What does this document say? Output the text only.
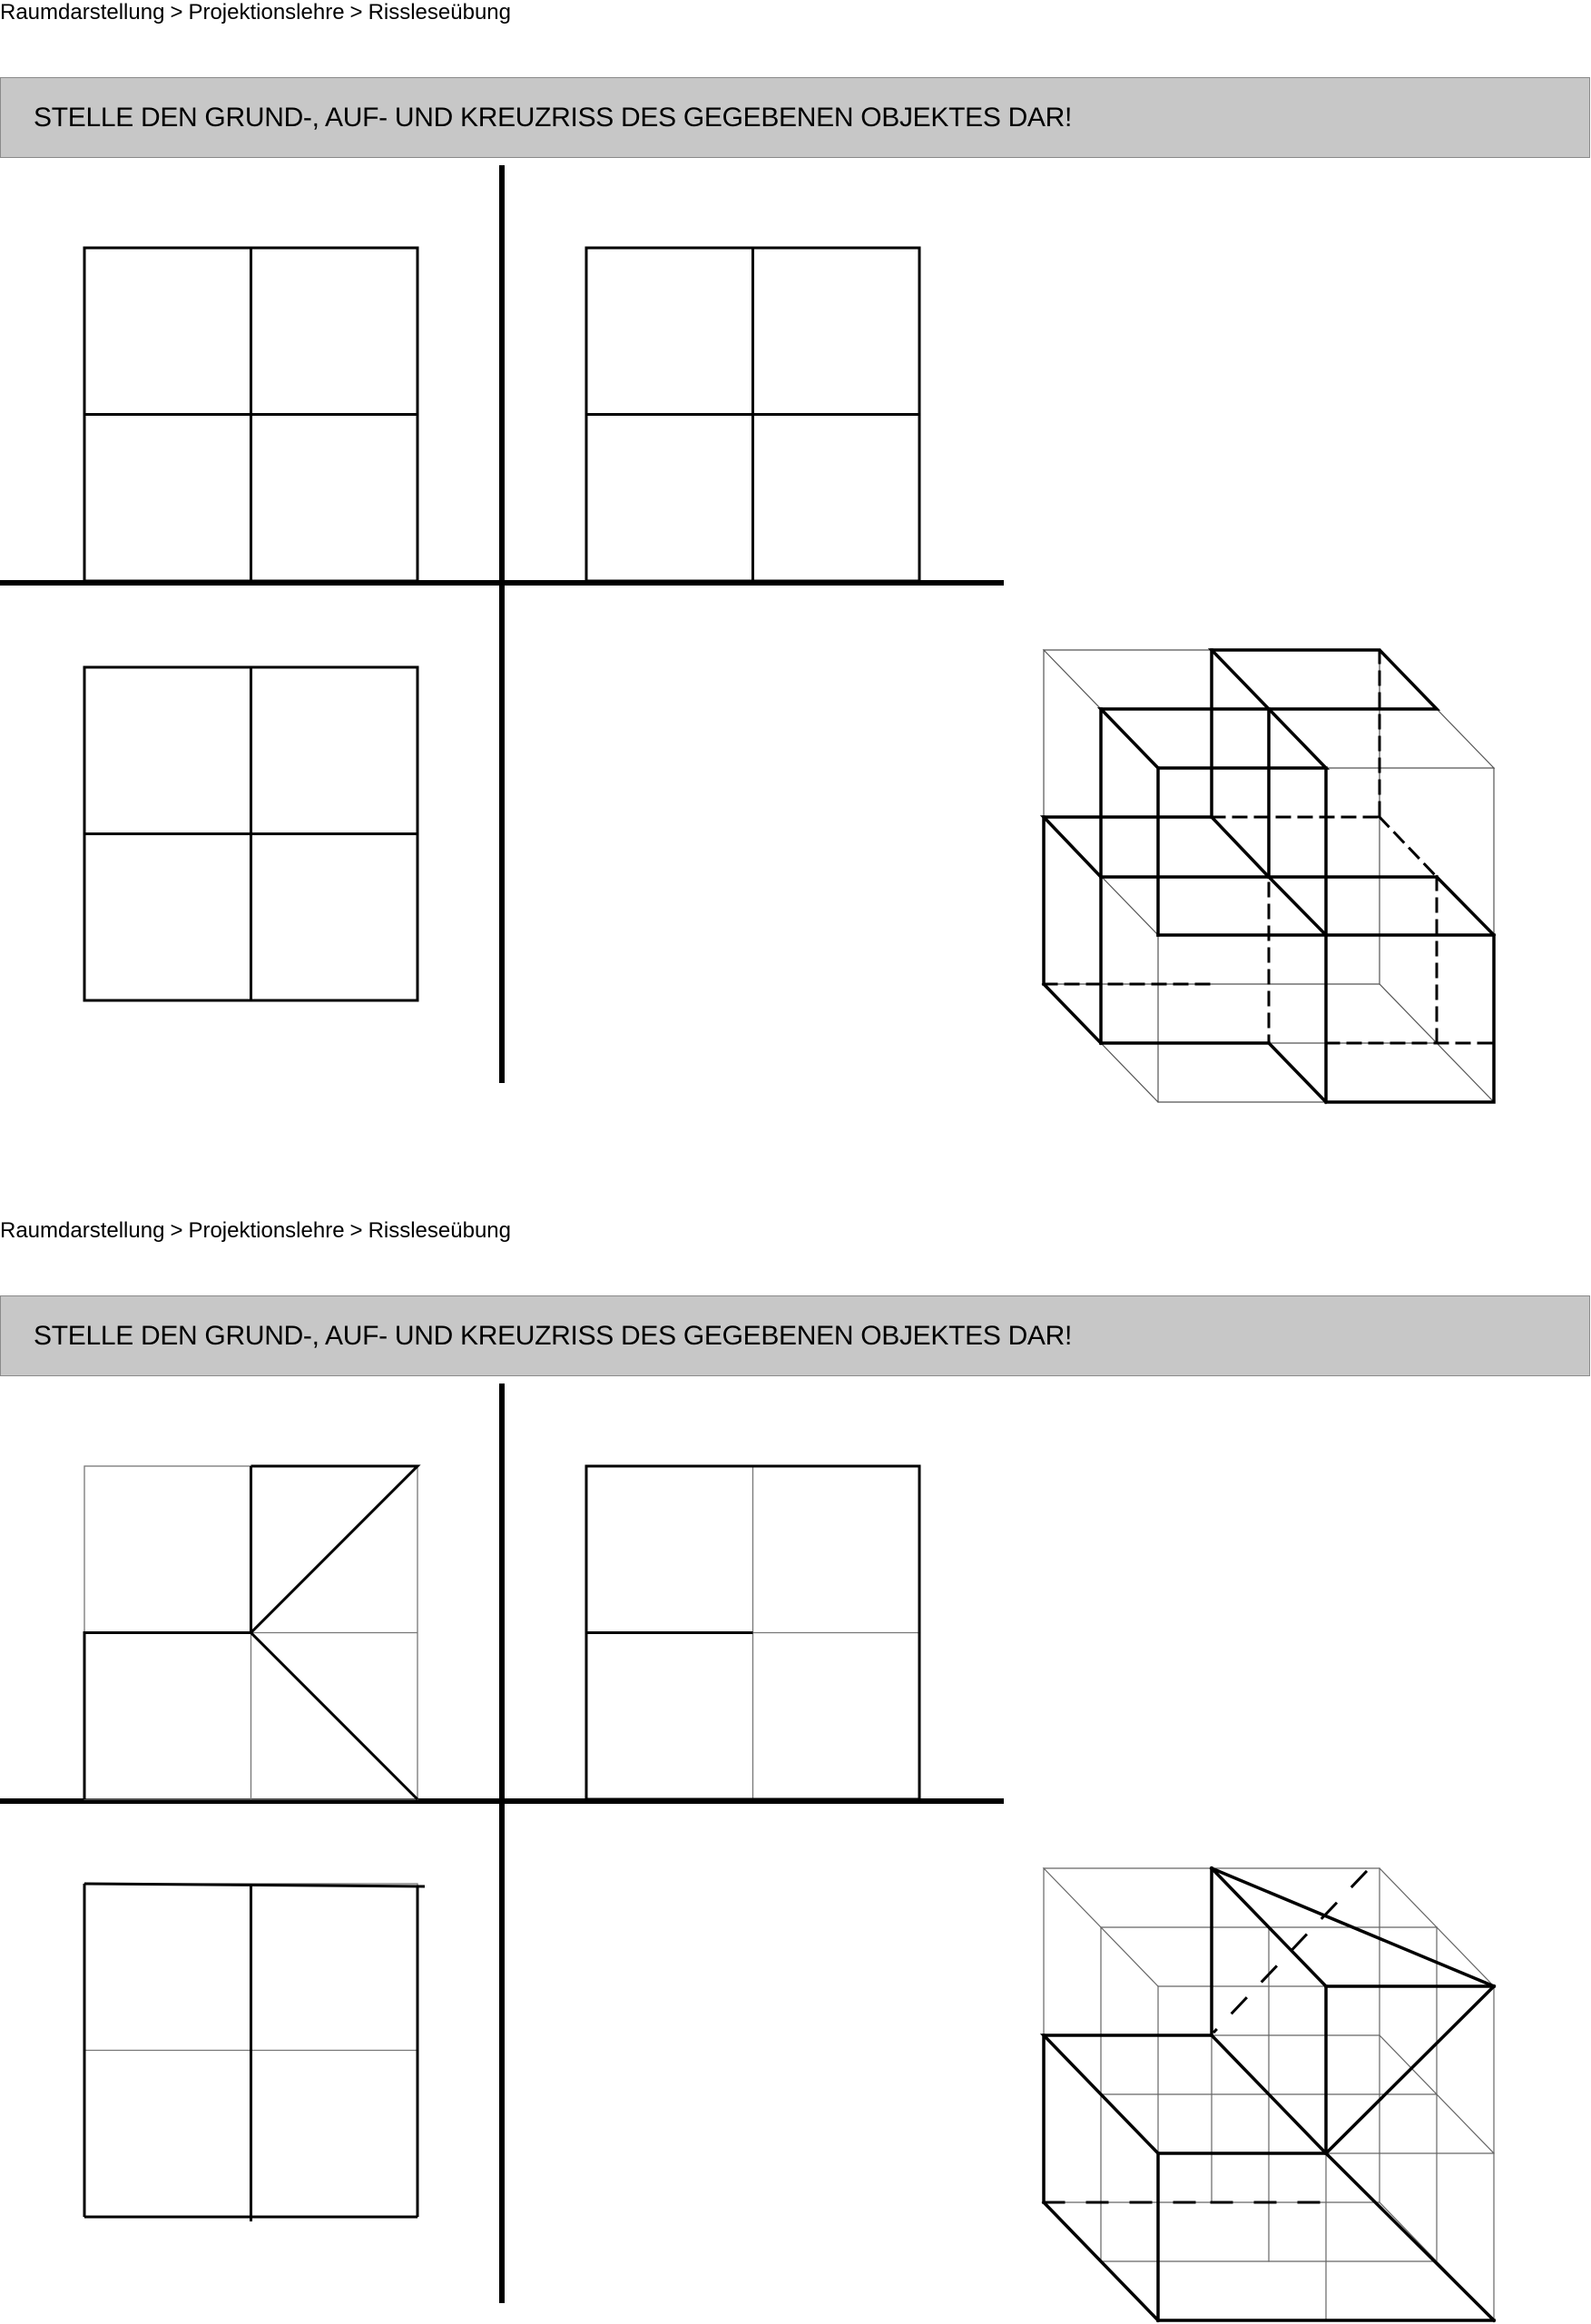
Raumdarstellung > Projektionslehre > Rissleseübung
STELLE DEN GRUND-, AUF- UND KREUZRISS DES GEGEBENEN OBJEKTES DAR!
Raumdarstellung > Projektionslehre > Rissleseübung
STELLE DEN GRUND-, AUF- UND KREUZRISS DES GEGEBENEN OBJEKTES DAR!
